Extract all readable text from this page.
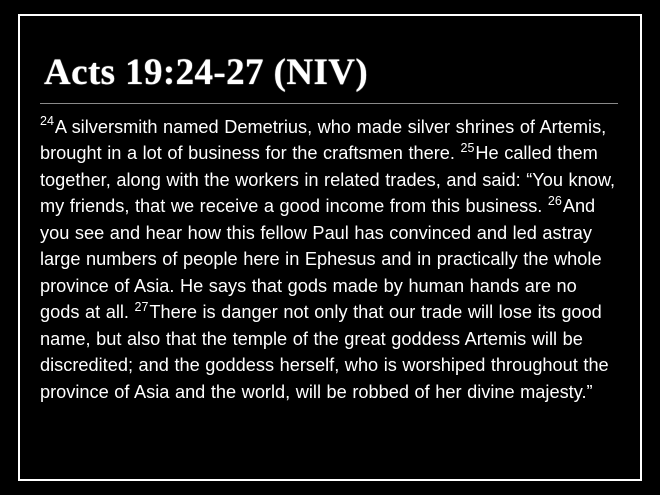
Acts 19:24-27 (NIV)

$^{24}$A silversmith named Demetrius, who made silver shrines of Artemis, brought in a lot of business for the craftsmen there. $^{25}$He called them together, along with the workers in related trades, and said: “You know, my friends, that we receive a good income from this business. $^{26}$And you see and hear how this fellow Paul has convinced and led astray large numbers of people here in Ephesus and in practically the whole province of Asia. He says that gods made by human hands are no gods at all. $^{27}$There is danger not only that our trade will lose its good name, but also that the temple of the great goddess Artemis will be discredited; and the goddess herself, who is worshiped throughout the province of Asia and the world, will be robbed of her divine majesty.”
